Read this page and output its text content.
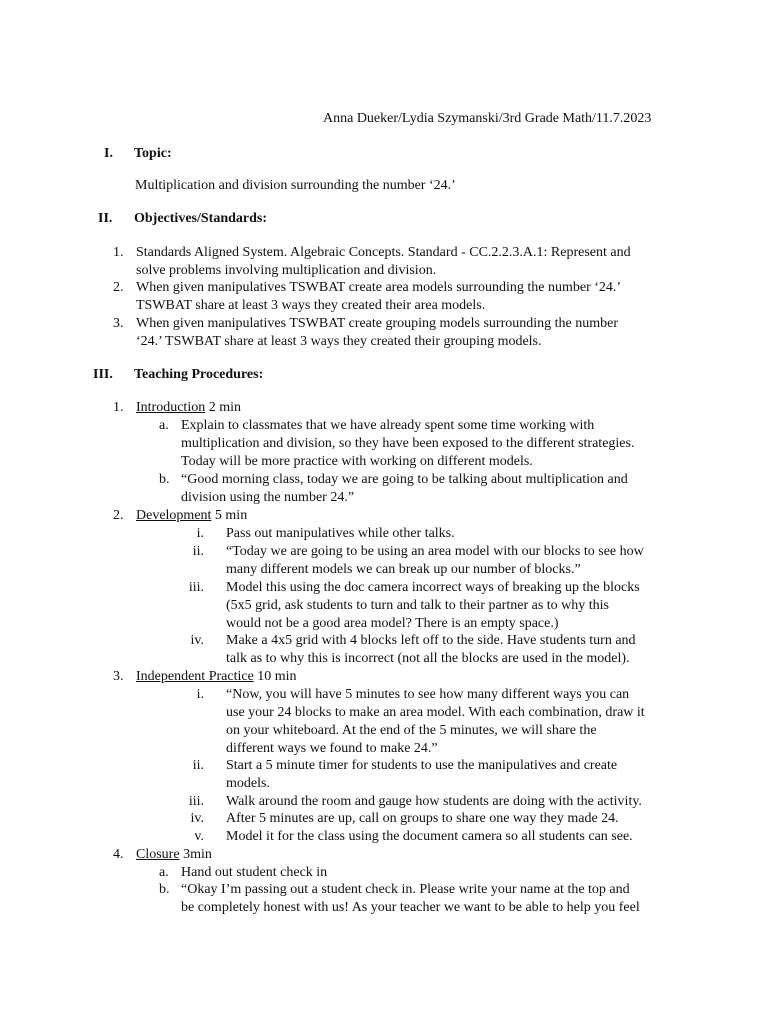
Anna Dueker/Lydia Szymanski/3rd Grade Math/11.7.2023
I. Topic:
Multiplication and division surrounding the number ‘24.’
II. Objectives/Standards:
1. Standards Aligned System. Algebraic Concepts. Standard - CC.2.2.3.A.1: Represent and
solve problems involving multiplication and division.
2. When given manipulatives TSWBAT create area models surrounding the number ‘24.’
TSWBAT share at least 3 ways they created their area models.
3. When given manipulatives TSWBAT create grouping models surrounding the number
‘24.’ TSWBAT share at least 3 ways they created their grouping models.
III. Teaching Procedures:
1. Introduction 2 min
a. Explain to classmates that we have already spent some time working with
multiplication and division, so they have been exposed to the different strategies.
Today will be more practice with working on different models.
b. “Good morning class, today we are going to be talking about multiplication and
division using the number 24.”
2. Development 5 min
i. Pass out manipulatives while other talks.
ii. “Today we are going to be using an area model with our blocks to see how
many different models we can break up our number of blocks.”
iii. Model this using the doc camera incorrect ways of breaking up the blocks
(5x5 grid, ask students to turn and talk to their partner as to why this
would not be a good area model? There is an empty space.)
iv. Make a 4x5 grid with 4 blocks left off to the side. Have students turn and
talk as to why this is incorrect (not all the blocks are used in the model).
3. Independent Practice 10 min
i. “Now, you will have 5 minutes to see how many different ways you can
use your 24 blocks to make an area model. With each combination, draw it
on your whiteboard. At the end of the 5 minutes, we will share the
different ways we found to make 24.”
ii. Start a 5 minute timer for students to use the manipulatives and create
models.
iii. Walk around the room and gauge how students are doing with the activity.
iv. After 5 minutes are up, call on groups to share one way they made 24.
v. Model it for the class using the document camera so all students can see.
4. Closure 3min
a. Hand out student check in
b. “Okay I’m passing out a student check in. Please write your name at the top and
be completely honest with us! As your teacher we want to be able to help you feel
